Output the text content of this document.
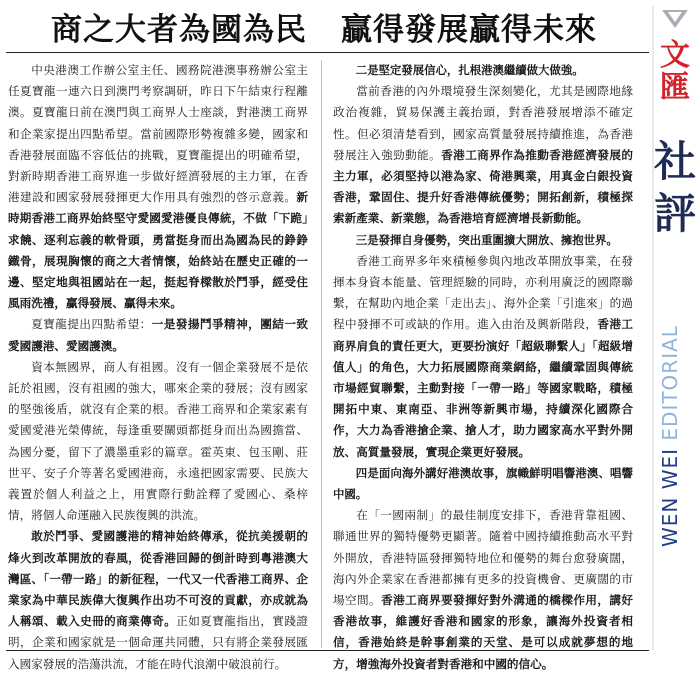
商之大者為國為民 贏得發展贏得未來

中央港澳工作辦公室主任、國務院港澳事務辦公室主任夏寶龍一連六日到澳門考察調研，昨日下午結束行程離澳。夏寶龍日前在澳門與工商界人士座談，對港澳工商界和企業家提出四點希望。當前國際形勢複雜多變，國家和香港發展面臨不容低估的挑戰，夏寶龍提出的明確希望，對新時期香港工商界進一步做好經濟發展的主力軍，在香港建設和國家發展發揮更大作用具有強烈的啓示意義。新時期香港工商界始終堅守愛國愛港優良傳統，不做「下跪」求饒、逐利忘義的軟骨頭，勇當挺身而出為國為民的錚錚鐵骨，展現胸懷的商之大者情懷，始終站在歷史正確的一邊、堅定地與祖國站在一起，挺起脊樑散於鬥爭，經受住風雨洗禮，贏得發展、贏得未來。

夏寶龍提出四點希望：一是發揚鬥爭精神，團結一致愛國護港、愛國護澳。

資本無國界，商人有祖國。沒有一個企業發展不是依託於祖國，沒有祖國的強大，哪來企業的發展；沒有國家的堅強後盾，就沒有企業的根。香港工商界和企業家素有愛國愛港光榮傳統，每逢重要關頭都挺身而出為國擔當、為國分憂，留下了濃墨重彩的篇章。霍英東、包玉剛、莊世平、安子介等著名愛國港商，永遠把國家需要、民族大義置於個人利益之上，用實際行動詮釋了愛國心、桑梓情，將個人命運融入民族復興的洪流。

敢於鬥爭、愛國護港的精神始終傳承，從抗美援朝的烽火到改革開放的春風，從香港回歸的倒計時到粵港澳大灣區、「一帶一路」的新征程，一代又一代香港工商界、企業家為中華民族偉大復興作出功不可沒的貢獻，亦成就為人稱頌、載入史冊的商業傳奇。正如夏寶龍指出，實踐證明，企業和國家就是一個命運共同體，只有將企業發展匯入國家發展的浩蕩洪流，才能在時代浪潮中破浪前行。

二是堅定發展信心，扎根港澳繼續做大做強。

當前香港的內外環境發生深刻變化，尤其是國際地緣政治複雜，貿易保護主義抬頭，對香港發展增添不確定性。但必須清楚看到，國家高質量發展持續推進，為香港發展注入強勁動能。香港工商界作為推動香港經濟發展的主力軍，必須堅持以港為家、倚港興業，用真金白銀投資香港，鞏固住、提升好香港傳統優勢；開拓創新，積極探索新產業、新業態，為香港培育經濟增長新動能。

三是發揮自身優勢，突出重圍擴大開放、擁抱世界。

香港工商界多年來積極參與內地改革開放事業，在發揮本身資本能量、管理經驗的同時，亦利用廣泛的國際聯繫，在幫助內地企業「走出去」、海外企業「引進來」的過程中發揮不可或缺的作用。進入由治及興新階段，香港工商界肩負的責任更大，更要扮演好「超級聯繫人」「超級增值人」的角色，大力拓展國際商業網絡，繼續鞏固與傳統市場經貿聯繫，主動對接「一帶一路」等國家戰略，積極開拓中東、東南亞、非洲等新興市場，持續深化國際合作，大力為香港搶企業、搶人才，助力國家高水平對外開放、高質量發展，實現企業更好發展。

四是面向海外講好港澳故事，旗幟鮮明唱響港澳、唱響中國。

在「一國兩制」的最佳制度安排下，香港背靠祖國、聯通世界的獨特優勢更顯著。隨着中國持續推動高水平對外開放，香港特區發揮獨特地位和優勢的舞台愈發廣闊，海內外企業家在香港都擁有更多的投資機會、更廣闊的市場空間。香港工商界要發揮好對外溝通的橋樑作用，講好香港故事，維護好香港和國家的形象，讓海外投資者相信，香港始終是幹事創業的天堂、是可以成就夢想的地方，增強海外投資者對香港和中國的信心。

文
匯
社
評
WEN WEI EDITORIAL
